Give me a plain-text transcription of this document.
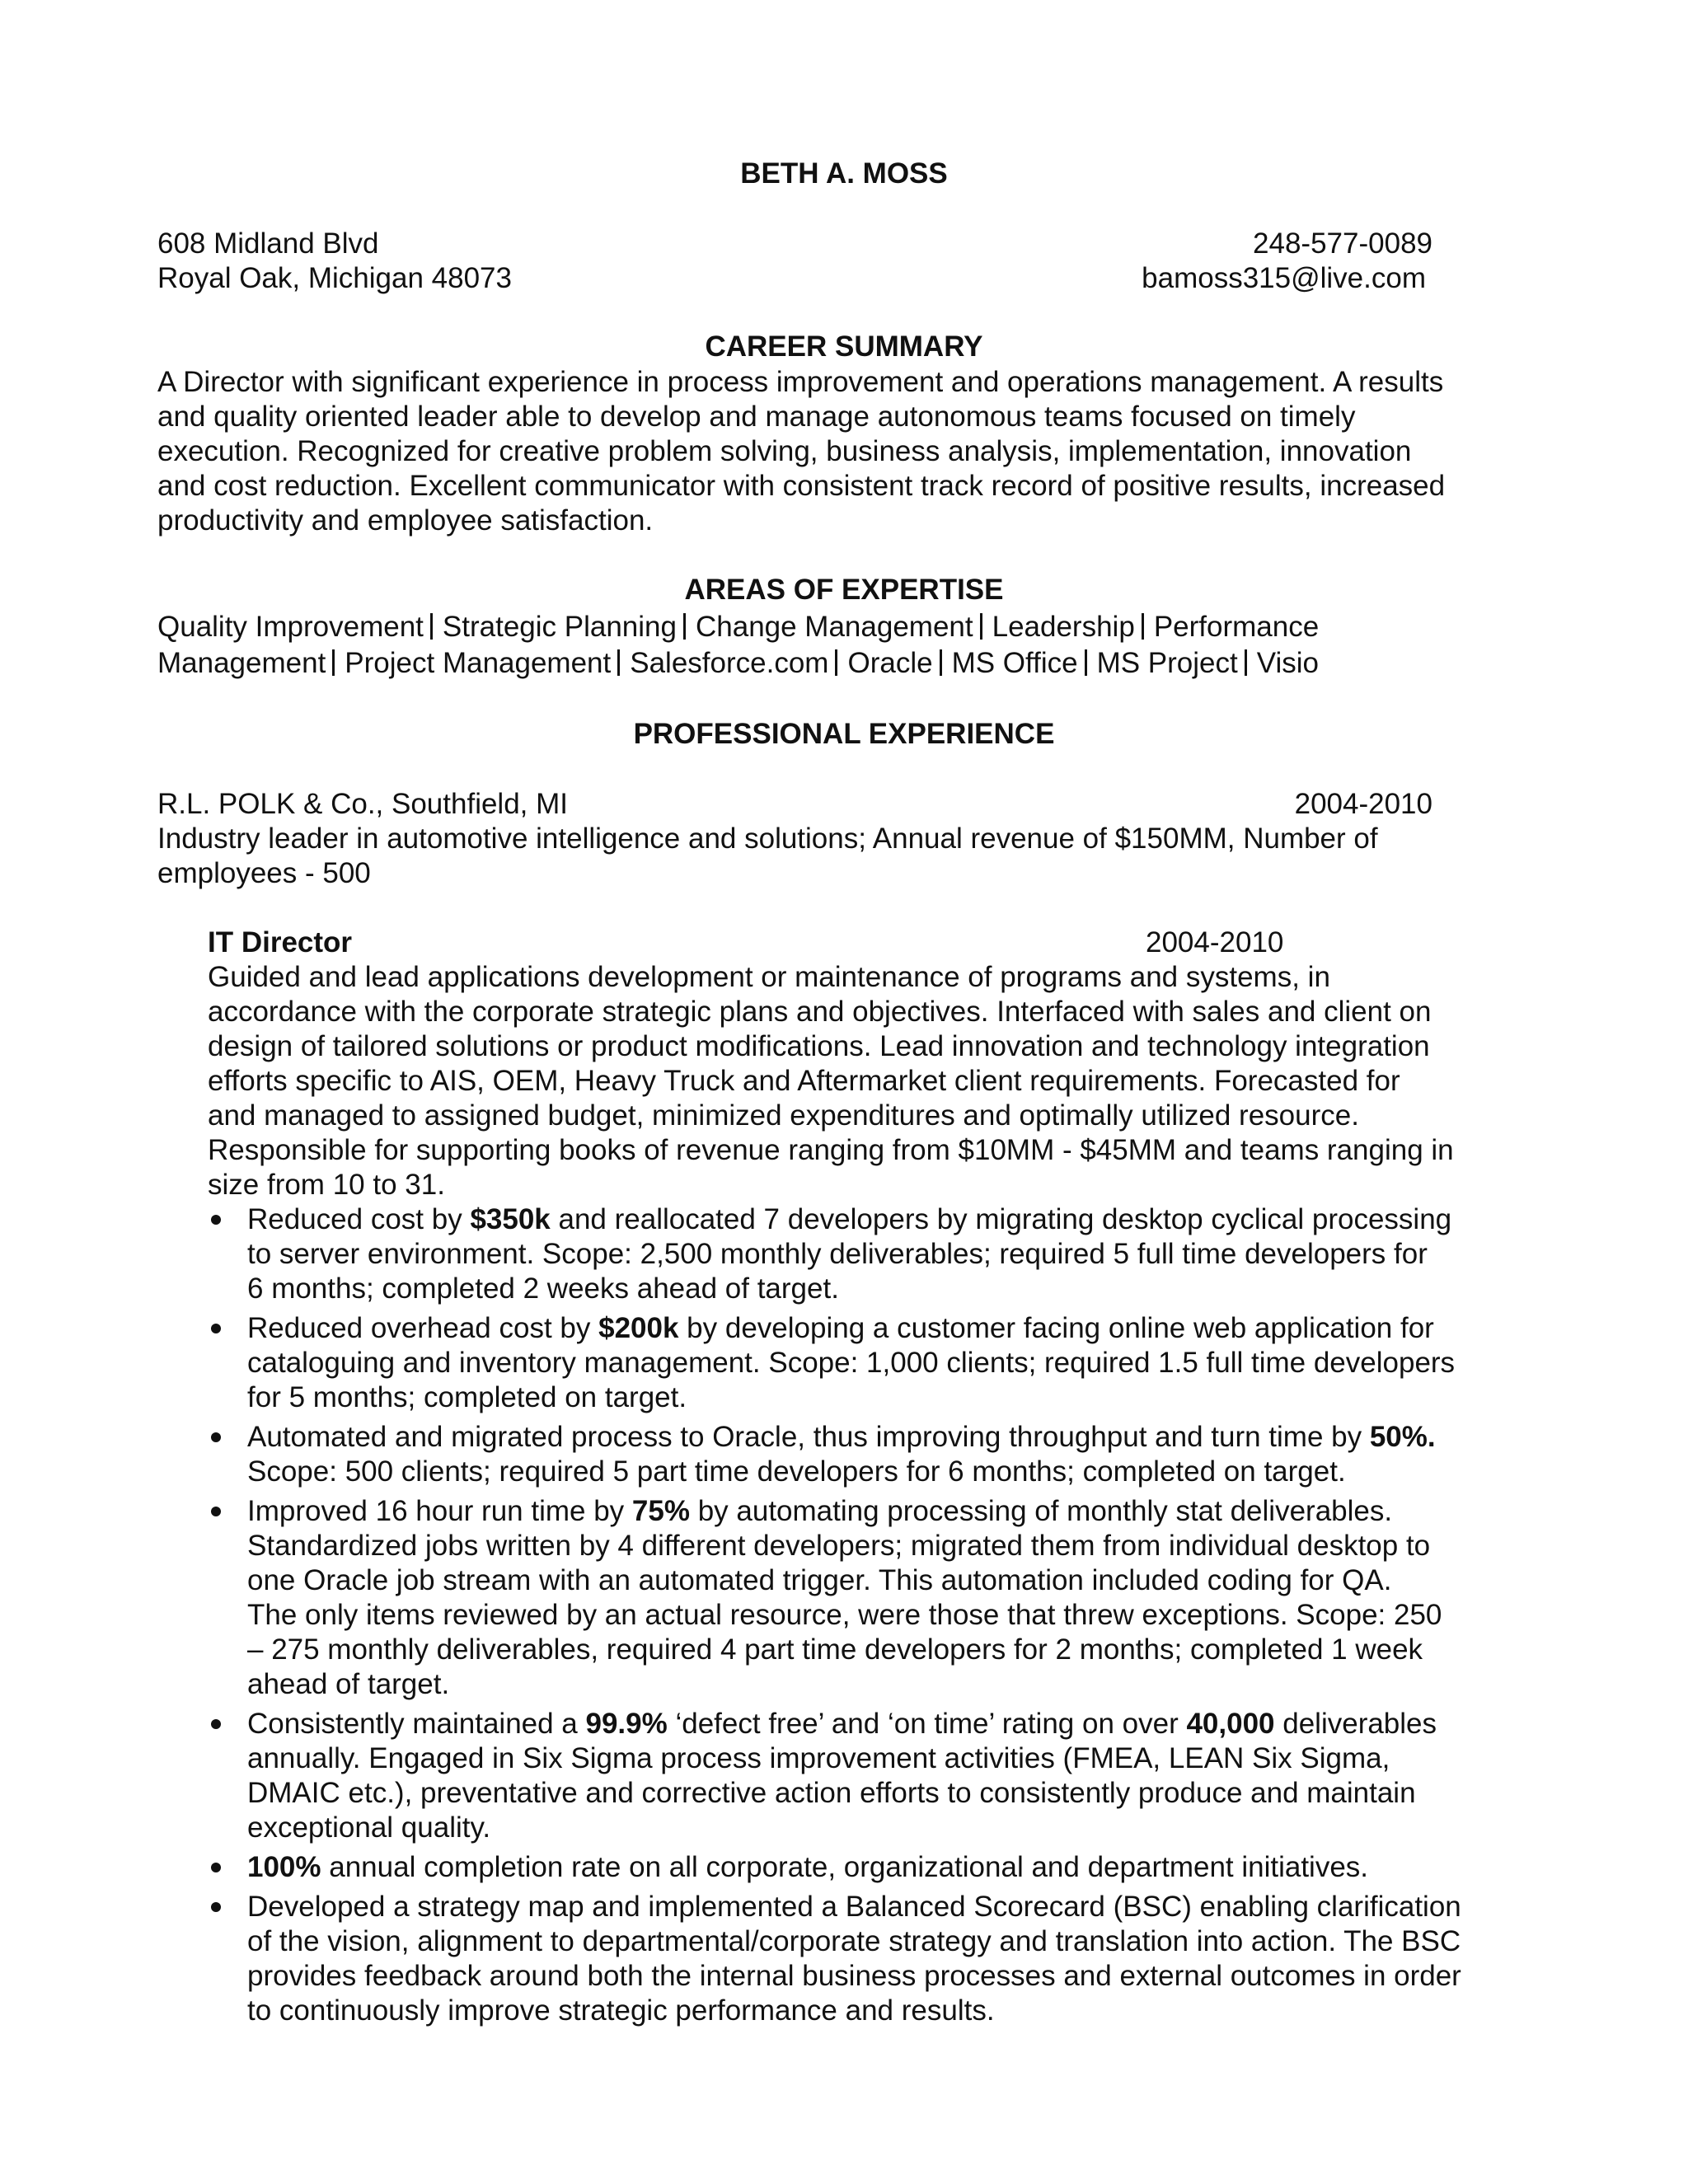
BETH A. MOSS
608 Midland Blvd
Royal Oak, Michigan 48073
248-577-0089
bamoss315@live.com
CAREER SUMMARY
A Director with significant experience in process improvement and operations management. A results
and quality oriented leader able to develop and manage autonomous teams focused on timely
execution. Recognized for creative problem solving, business analysis, implementation, innovation
and cost reduction. Excellent communicator with consistent track record of positive results, increased
productivity and employee satisfaction.
AREAS OF EXPERTISE
Quality Improvement Strategic Planning Change Management Leadership Performance
Management Project Management Salesforce.com Oracle MS Office MS Project Visio
PROFESSIONAL EXPERIENCE
R.L. POLK & Co., Southfield, MI	2004-2010
Industry leader in automotive intelligence and solutions; Annual revenue of $150MM, Number of
employees - 500
IT Director	2004-2010
Guided and lead applications development or maintenance of programs and systems, in
accordance with the corporate strategic plans and objectives. Interfaced with sales and client on
design of tailored solutions or product modifications. Lead innovation and technology integration
efforts specific to AIS, OEM, Heavy Truck and Aftermarket client requirements. Forecasted for
and managed to assigned budget, minimized expenditures and optimally utilized resource.
Responsible for supporting books of revenue ranging from $10MM - $45MM and teams ranging in
size from 10 to 31.
Reduced cost by $350k and reallocated 7 developers by migrating desktop cyclical processing
to server environment. Scope: 2,500 monthly deliverables; required 5 full time developers for
6 months; completed 2 weeks ahead of target.
Reduced overhead cost by $200k by developing a customer facing online web application for
cataloguing and inventory management. Scope: 1,000 clients; required 1.5 full time developers
for 5 months; completed on target.
Automated and migrated process to Oracle, thus improving throughput and turn time by 50%.
Scope: 500 clients; required 5 part time developers for 6 months; completed on target.
Improved 16 hour run time by 75% by automating processing of monthly stat deliverables.
Standardized jobs written by 4 different developers; migrated them from individual desktop to
one Oracle job stream with an automated trigger. This automation included coding for QA.
The only items reviewed by an actual resource, were those that threw exceptions. Scope: 250
– 275 monthly deliverables, required 4 part time developers for 2 months; completed 1 week
ahead of target.
Consistently maintained a 99.9% ‘defect free’ and ‘on time’ rating on over 40,000 deliverables
annually. Engaged in Six Sigma process improvement activities (FMEA, LEAN Six Sigma,
DMAIC etc.), preventative and corrective action efforts to consistently produce and maintain
exceptional quality.
100% annual completion rate on all corporate, organizational and department initiatives.
Developed a strategy map and implemented a Balanced Scorecard (BSC) enabling clarification
of the vision, alignment to departmental/corporate strategy and translation into action. The BSC
provides feedback around both the internal business processes and external outcomes in order
to continuously improve strategic performance and results.
